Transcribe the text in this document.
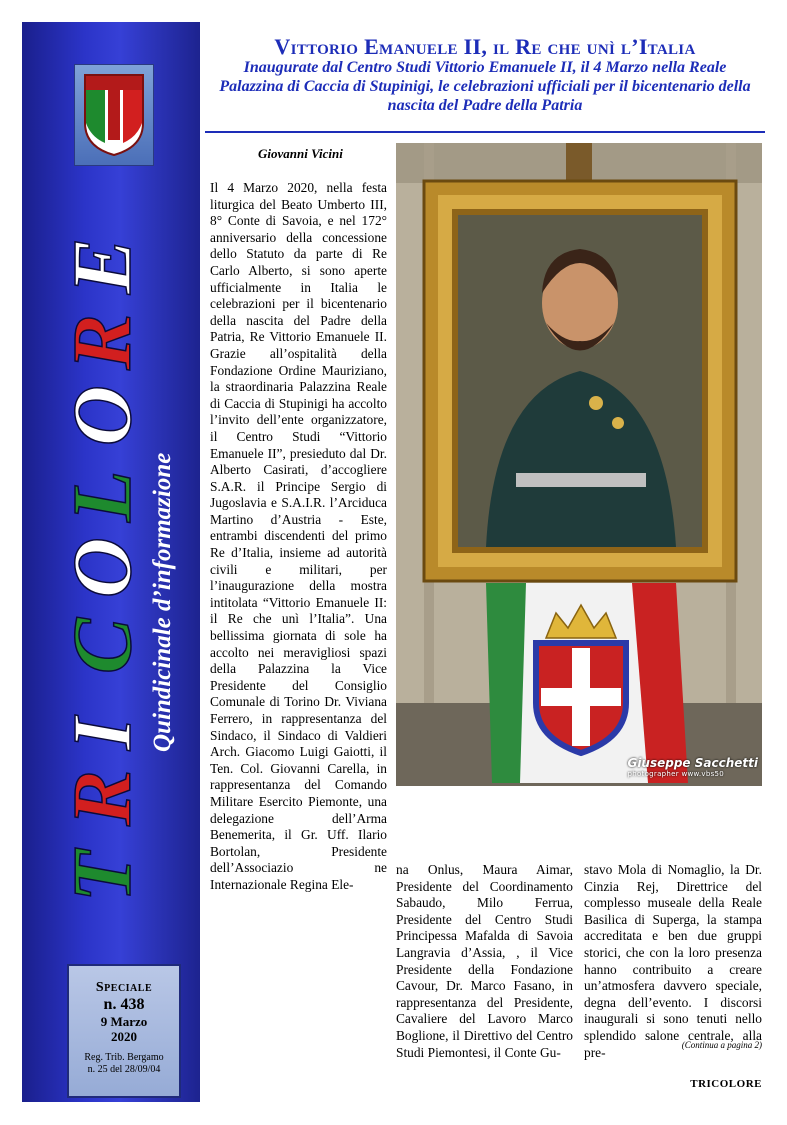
T
R
I
C
O
L
O
R
E
Quindicinale d’informazione
Speciale
n. 438
9 Marzo
2020
Reg. Trib. Bergamo
n. 25 del 28/09/04
Vittorio Emanuele II, il Re che unì l’Italia
Inaugurate dal Centro Studi Vittorio Emanuele II, il 4 Marzo nella Reale Palazzina di Caccia di Stupinigi, le celebrazioni ufficiali per il bicentenario della nascita del Padre della Patria
Giovanni Vicini
Il 4 Marzo 2020, nella festa liturgica del Beato Umberto III, 8° Conte di Savoia, e nel 172° anniversario della concessione dello Statuto da parte di Re Carlo Alberto, si sono aperte ufficialmente in Italia le celebrazioni per il bicentenario della nascita del Padre della Patria, Re Vittorio Emanuele II. Grazie all’ospitalità della Fondazione Ordine Mauriziano, la straordinaria Palazzina Reale di Caccia di Stupinigi ha accolto l’invito dell’ente organizzatore, il Centro Studi “Vittorio Emanuele II”, presieduto dal Dr. Alberto Casirati, d’accogliere S.A.R. il Principe Sergio di Jugoslavia e S.A.I.R. l’Arciduca Martino d’Austria - Este, entrambi discendenti del primo Re d’Italia, insieme ad autorità civili e militari, per l’inaugurazione della mostra intitolata “Vittorio Emanuele II: il Re che unì l’Italia”. Una bellissima giornata di sole ha accolto nei meravigliosi spazi della Palazzina la Vice Presidente del Consiglio Comunale di Torino Dr. Viviana Ferrero, in rappresentanza del Sindaco, il Sindaco di Valdieri Arch. Giacomo Luigi Gaiotti, il Ten. Col. Giovanni Carella, in rappresentanza del Comando Militare Esercito Piemonte, una delegazione dell’Arma Benemerita, il Gr. Uff. Ilario Bortolan, Presidente dell’Associazio ne Internazionale Regina Ele-
na Onlus, Maura Aimar, Presidente del Coordinamento Sabaudo, Milo Ferrua, Presidente del Centro Studi Principessa Mafalda di Savoia Langravia d’Assia, , il Vice Presidente della Fondazione Cavour, Dr. Marco Fasano, in rappresentanza del Presidente, Cavaliere del Lavoro Marco Boglione, il Direttivo del Centro Studi Piemontesi, il Conte Gu-
stavo Mola di Nomaglio, la Dr. Cinzia Rej, Direttrice del complesso museale della Reale Basilica di Superga, la stampa accreditata e ben due gruppi storici, che con la loro presenza hanno contribuito a creare un’atmosfera davvero speciale, degna dell’evento. I discorsi inaugurali si sono tenuti nello splendido salone centrale, alla pre-	(Continua a pagina 2)
Giuseppe Sacchetti
photographer www.vbs50
TRICOLORE
